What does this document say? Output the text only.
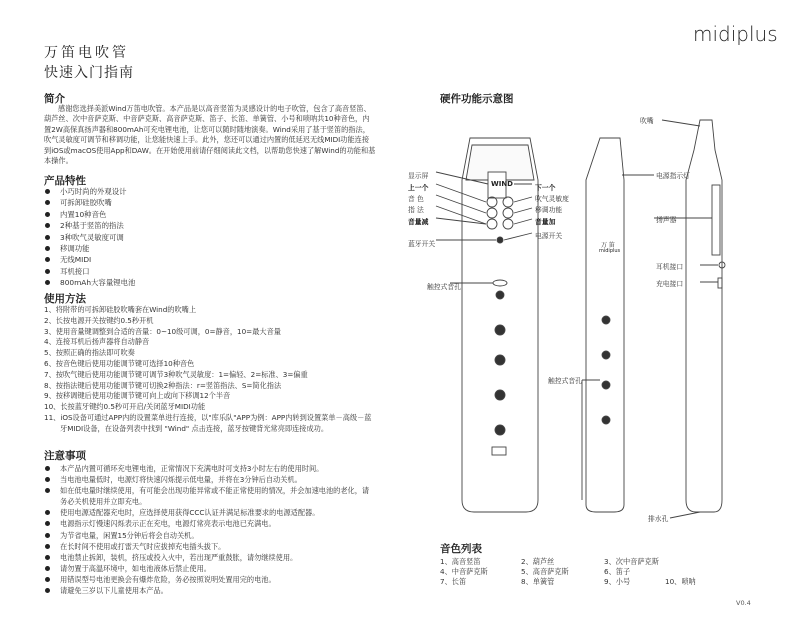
midiplus
万笛电吹管
快速入门指南
简介
感谢您选择美派Wind万笛电吹管。本产品是以高音竖笛为灵感设计的电子吹管，包含了高音竖笛、葫芦丝、次中音萨克斯、中音萨克斯、高音萨克斯、笛子、长笛、单簧管、小号和唢呐共10种音色，内置2W高保真扬声器和800mAh可充电锂电池，让您可以随时随地演奏。Wind采用了基于竖笛的指法，吹气灵敏度可调节和移调功能，让您能快速上手。此外，您还可以通过内置的低延迟无线MIDI功能连接到iOS或macOS使用App和DAW。在开始使用前请仔细阅读此文档，以帮助您快速了解Wind的功能和基本操作。
产品特性
小巧时尚的外观设计
可拆卸硅胶吹嘴
内置10种音色
2种基于竖笛的指法
3种吹气灵敏度可调
移调功能
无线MIDI
耳机接口
800mAh大容量锂电池
使用方法
1、将附带的可拆卸硅胶吹嘴套在Wind的吹嘴上
2、长按电源开关按键约0.5秒开机
3、使用音量键调整到合适的音量：0~10级可调，0=静音，10=最大音量
4、连接耳机后扬声器将自动静音
5、按照正确的指法即可吹奏
6、按音色键后使用功能调节键可选择10种音色
7、按吹气键后使用功能调节键可调节3种吹气灵敏度：1=偏轻、2=标准、3=偏重
8、按指法键后使用功能调节键可切换2种指法：r=竖笛指法、S=简化指法
9、按移调键后使用功能调节键可向上或向下移调12个半音
10、长按蓝牙键约0.5秒可开启/关闭蓝牙MIDI功能
11、iOS设备可通过APP内的设置菜单进行连接，以"库乐队"APP为例：APP内转到设置菜单－高级－蓝牙MIDI设备，在设备列表中找到 "Wind" 点击连接，蓝牙按键背光常亮即连接成功。
注意事项
本产品内置可循环充电锂电池，正常情况下充满电时可支持3小时左右的使用时间。
当电池电量低时，电源灯将快速闪烁提示低电量，并将在3分钟后自动关机。
如在低电量时继续使用，有可能会出现功能异常或不能正常使用的情况，并会加速电池的老化，请务必关机使用并立即充电。
使用电源适配器充电时，应选择使用获得CCC认证并满足标准要求的电源适配器。
电源指示灯慢速闪烁表示正在充电，电源灯常亮表示电池已充满电。
为节省电量，闲置15分钟后将会自动关机。
在长时间不使用或打雷天气时应拔掉充电插头拔下。
电池禁止拆卸，装机，挤压或投入火中，若出现严重鼓胀，请勿继续使用。
请勿置于高温环境中，如电池液体后禁止使用。
用错误型号电池更换会有爆炸危险，务必按照说明处置用完的电池。
请避免三岁以下儿童使用本产品。
硬件功能示意图
WIND
万 笛
midiplus
显示屏
上一个
音 色
指 法
音量减
蓝牙开关
触控式音孔
下一个
吹气灵敏度
移调功能
音量加
电源开关
吹嘴
电源指示灯
扬声器
耳机接口
充电接口
触控式音孔
排水孔
音色列表
1、高音竖笛	2、葫芦丝	3、次中音萨克斯
4、中音萨克斯	5、高音萨克斯	6、笛子
7、长笛	8、单簧管	9、小号	10、唢呐
V0.4
